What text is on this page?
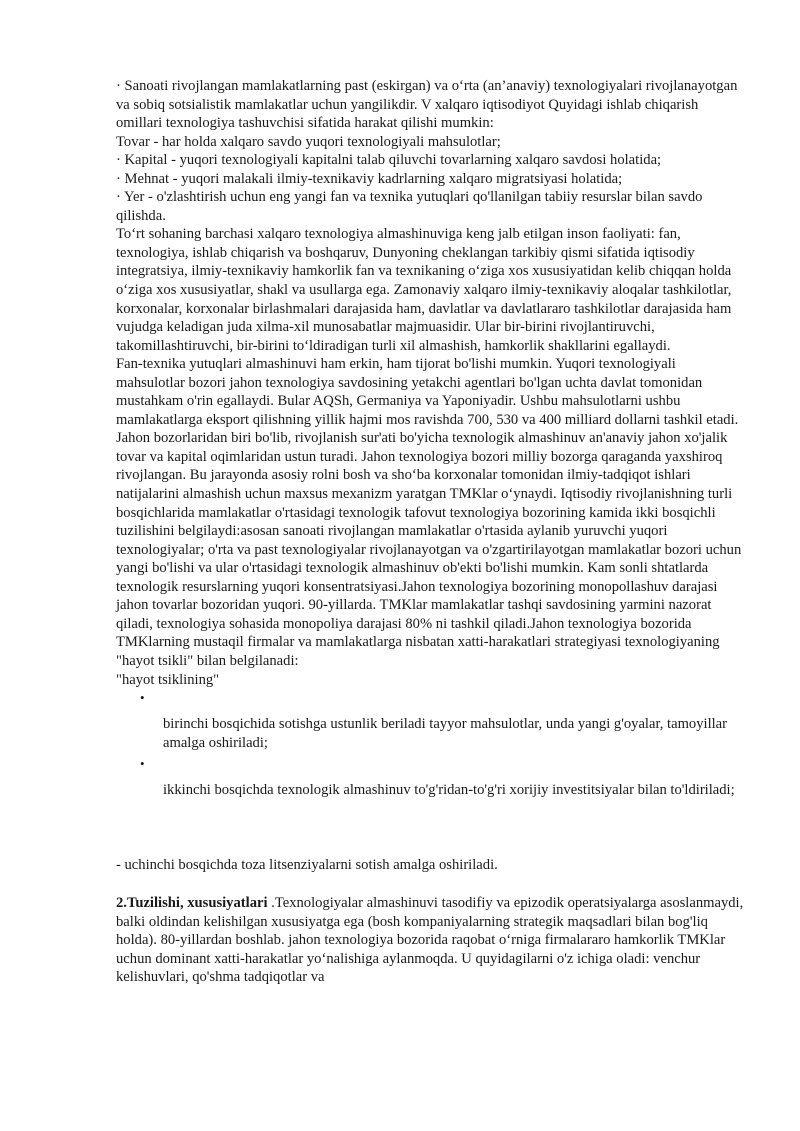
· Sanoati rivojlangan mamlakatlarning past (eskirgan) va o‘rta (an’anaviy) texnologiyalari rivojlanayotgan va sobiq sotsialistik mamlakatlar uchun yangilikdir. V xalqaro iqtisodiyot Quyidagi ishlab chiqarish omillari texnologiya tashuvchisi sifatida harakat qilishi mumkin:

Tovar - har holda xalqaro savdo yuqori texnologiyali mahsulotlar;

· Kapital - yuqori texnologiyali kapitalni talab qiluvchi tovarlarning xalqaro savdosi holatida;

· Mehnat - yuqori malakali ilmiy-texnikaviy kadrlarning xalqaro migratsiyasi holatida;

· Yer - o'zlashtirish uchun eng yangi fan va texnika yutuqlari qo'llanilgan tabiiy resurslar bilan savdo qilishda.

To‘rt sohaning barchasi xalqaro texnologiya almashinuviga keng jalb etilgan inson faoliyati: fan, texnologiya, ishlab chiqarish va boshqaruv, Dunyoning cheklangan tarkibiy qismi sifatida iqtisodiy integratsiya, ilmiy-texnikaviy hamkorlik fan va texnikaning o‘ziga xos xususiyatidan kelib chiqqan holda o‘ziga xos xususiyatlar, shakl va usullarga ega. Zamonaviy xalqaro ilmiy-texnikaviy aloqalar tashkilotlar, korxonalar, korxonalar birlashmalari darajasida ham, davlatlar va davlatlararo tashkilotlar darajasida ham vujudga keladigan juda xilma-xil munosabatlar majmuasidir. Ular bir-birini rivojlantiruvchi, takomillashtiruvchi, bir-birini to‘ldiradigan turli xil almashish, hamkorlik shakllarini egallaydi.

Fan-texnika yutuqlari almashinuvi ham erkin, ham tijorat bo'lishi mumkin. Yuqori texnologiyali mahsulotlar bozori jahon texnologiya savdosining yetakchi agentlari bo'lgan uchta davlat tomonidan mustahkam o'rin egallaydi. Bular AQSh, Germaniya va Yaponiyadir. Ushbu mahsulotlarni ushbu mamlakatlarga eksport qilishning yillik hajmi mos ravishda 700, 530 va 400 milliard dollarni tashkil etadi. Jahon bozorlaridan biri bo'lib, rivojlanish sur'ati bo'yicha texnologik almashinuv an'anaviy jahon xo'jalik tovar va kapital oqimlaridan ustun turadi. Jahon texnologiya bozori milliy bozorga qaraganda yaxshiroq rivojlangan. Bu jarayonda asosiy rolni bosh va sho‘ba korxonalar tomonidan ilmiy-tadqiqot ishlari natijalarini almashish uchun maxsus mexanizm yaratgan TMKlar o‘ynaydi. Iqtisodiy rivojlanishning turli bosqichlarida mamlakatlar o'rtasidagi texnologik tafovut texnologiya bozorining kamida ikki bosqichli tuzilishini belgilaydi:asosan sanoati rivojlangan mamlakatlar o'rtasida aylanib yuruvchi yuqori texnologiyalar; o'rta va past texnologiyalar rivojlanayotgan va o'zgartirilayotgan mamlakatlar bozori uchun yangi bo'lishi va ular o'rtasidagi texnologik almashinuv ob'ekti bo'lishi mumkin. Kam sonli shtatlarda texnologik resurslarning yuqori konsentratsiyasi.Jahon texnologiya bozorining monopollashuv darajasi jahon tovarlar bozoridan yuqori. 90-yillarda. TMKlar mamlakatlar tashqi savdosining yarmini nazorat qiladi, texnologiya sohasida monopoliya darajasi 80% ni tashkil qiladi.Jahon texnologiya bozorida TMKlarning mustaqil firmalar va mamlakatlarga nisbatan xatti-harakatlari strategiyasi texnologiyaning "hayot tsikli" bilan belgilanadi:

"hayot tsiklining"

•
birinchi bosqichida sotishga ustunlik beriladi tayyor mahsulotlar, unda yangi g'oyalar, tamoyillar amalga oshiriladi;
•
ikkinchi bosqichda texnologik almashinuv to'g'ridan-to'g'ri xorijiy investitsiyalar bilan to'ldiriladi;

- uchinchi bosqichda toza litsenziyalarni sotish amalga oshiriladi.

2.Tuzilishi, xususiyatlari .Texnologiyalar almashinuvi tasodifiy va epizodik operatsiyalarga asoslanmaydi, balki oldindan kelishilgan xususiyatga ega (bosh kompaniyalarning strategik maqsadlari bilan bog'liq holda). 80-yillardan boshlab. jahon texnologiya bozorida raqobat o‘rniga firmalararo hamkorlik TMKlar uchun dominant xatti-harakatlar yo‘nalishiga aylanmoqda. U quyidagilarni o'z ichiga oladi: venchur kelishuvlari, qo'shma tadqiqotlar va
